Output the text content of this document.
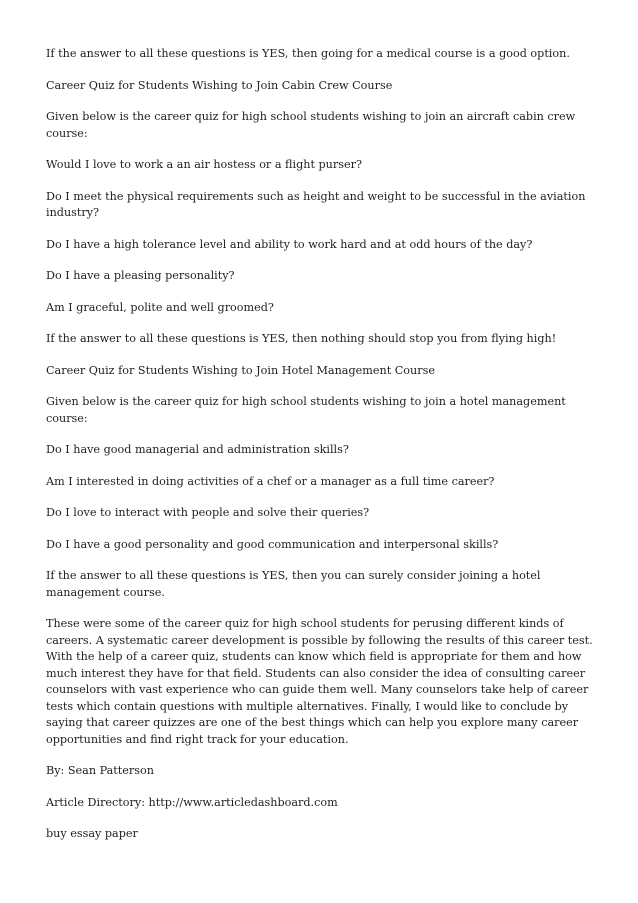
If the answer to all these questions is YES, then going for a medical course is a good option.

Career Quiz for Students Wishing to Join Cabin Crew Course

Given below is the career quiz for high school students wishing to join an aircraft cabin crew course:

Would I love to work a an air hostess or a flight purser?

Do I meet the physical requirements such as height and weight to be successful in the aviation industry?

Do I have a high tolerance level and ability to work hard and at odd hours of the day?

Do I have a pleasing personality?

Am I graceful, polite and well groomed?

If the answer to all these questions is YES, then nothing should stop you from flying high!

Career Quiz for Students Wishing to Join Hotel Management Course

Given below is the career quiz for high school students wishing to join a hotel management course:

Do I have good managerial and administration skills?

Am I interested in doing activities of a chef or a manager as a full time career?

Do I love to interact with people and solve their queries?

Do I have a good personality and good communication and interpersonal skills?

If the answer to all these questions is YES, then you can surely consider joining a hotel management course.

These were some of the career quiz for high school students for perusing different kinds of careers. A systematic career development is possible by following the results of this career test. With the help of a career quiz, students can know which field is appropriate for them and how much interest they have for that field. Students can also consider the idea of consulting career counselors with vast experience who can guide them well. Many counselors take help of career tests which contain questions with multiple alternatives. Finally, I would like to conclude by saying that career quizzes are one of the best things which can help you explore many career opportunities and find right track for your education.

By: Sean Patterson

Article Directory: http://www.articledashboard.com

buy essay paper
